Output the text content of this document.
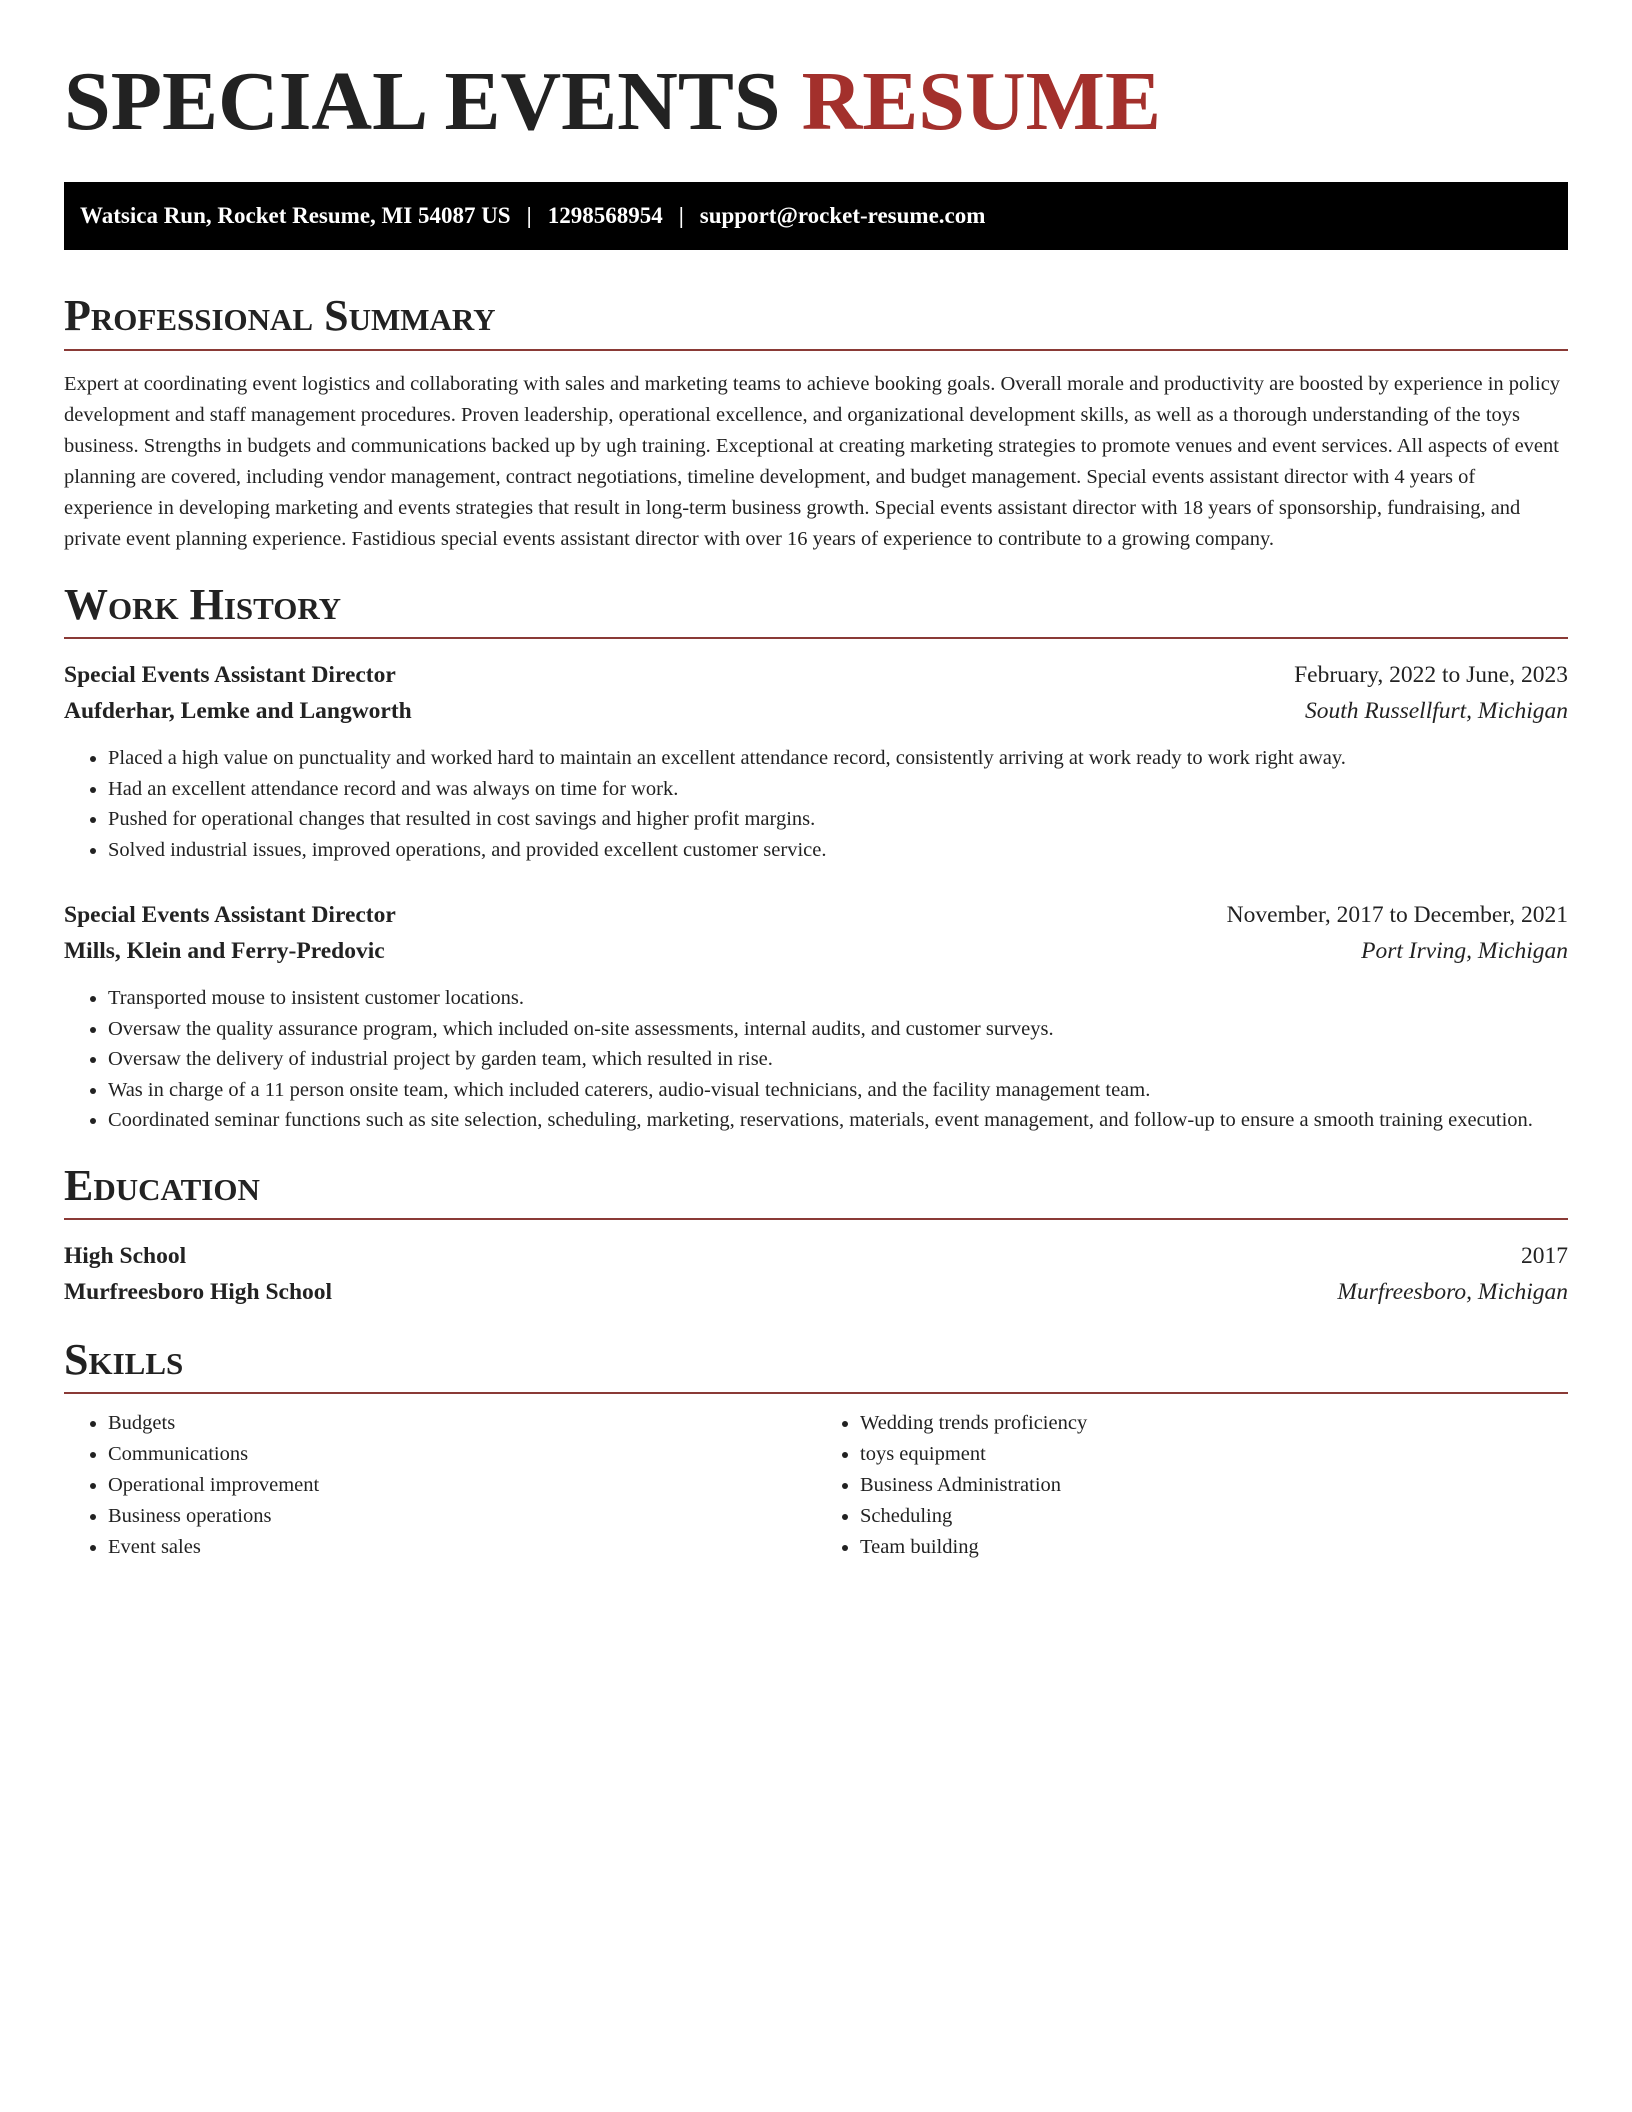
SPECIAL EVENTS RESUME
Watsica Run, Rocket Resume, MI 54087 US | 1298568954 | support@rocket-resume.com
Professional Summary

Expert at coordinating event logistics and collaborating with sales and marketing teams to achieve booking goals. Overall morale and productivity are boosted by experience in policy development and staff management procedures. Proven leadership, operational excellence, and organizational development skills, as well as a thorough understanding of the toys business. Strengths in budgets and communications backed up by ugh training. Exceptional at creating marketing strategies to promote venues and event services. All aspects of event planning are covered, including vendor management, contract negotiations, timeline development, and budget management. Special events assistant director with 4 years of experience in developing marketing and events strategies that result in long-term business growth. Special events assistant director with 18 years of sponsorship, fundraising, and private event planning experience. Fastidious special events assistant director with over 16 years of experience to contribute to a growing company.

Work History
Special Events Assistant Director	February, 2022 to June, 2023
Aufderhar, Lemke and Langworth	South Russellfurt, Michigan
• Placed a high value on punctuality and worked hard to maintain an excellent attendance record, consistently arriving at work ready to work right away.
• Had an excellent attendance record and was always on time for work.
• Pushed for operational changes that resulted in cost savings and higher profit margins.
• Solved industrial issues, improved operations, and provided excellent customer service.
Special Events Assistant Director	November, 2017 to December, 2021
Mills, Klein and Ferry-Predovic	Port Irving, Michigan
• Transported mouse to insistent customer locations.
• Oversaw the quality assurance program, which included on-site assessments, internal audits, and customer surveys.
• Oversaw the delivery of industrial project by garden team, which resulted in rise.
• Was in charge of a 11 person onsite team, which included caterers, audio-visual technicians, and the facility management team.
• Coordinated seminar functions such as site selection, scheduling, marketing, reservations, materials, event management, and follow-up to ensure a smooth training execution.
Education
High School	2017
Murfreesboro High School	Murfreesboro, Michigan
Skills
• Budgets
• Communications
• Operational improvement
• Business operations
• Event sales
• Wedding trends proficiency
• toys equipment
• Business Administration
• Scheduling
• Team building
